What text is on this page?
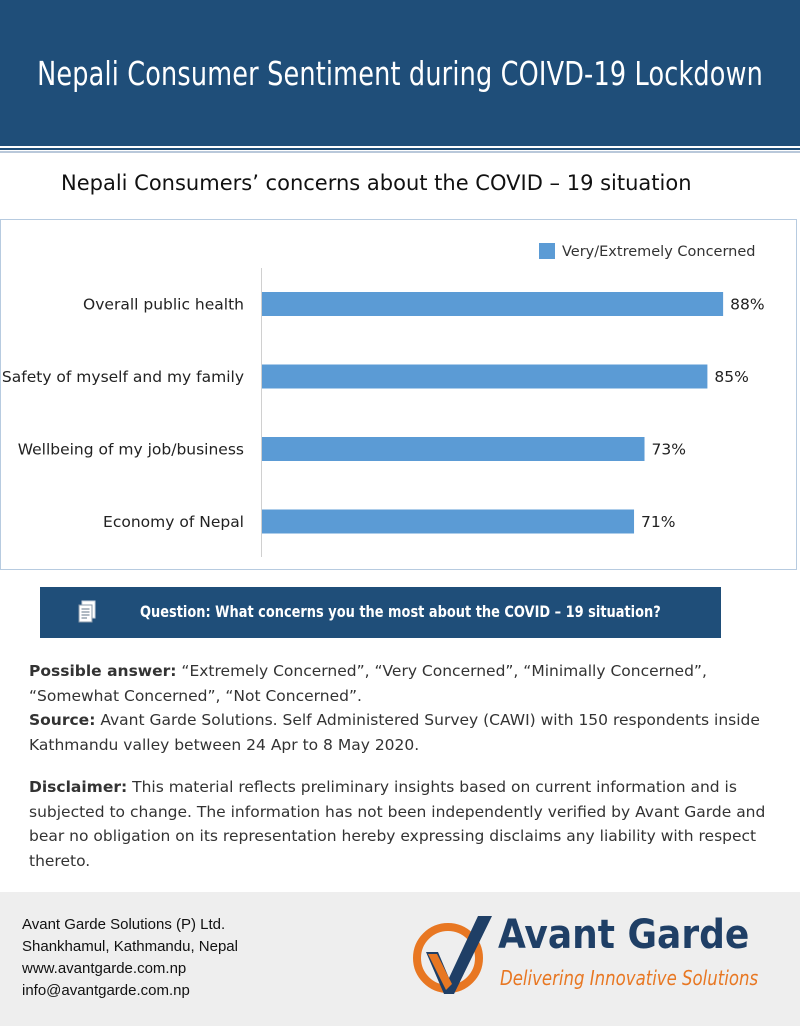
Nepali Consumer Sentiment during COIVD-19 Lockdown
Nepali Consumers’ concerns about the COVID – 19 situation
Very/Extremely Concerned
Overall public health	88%
Safety of myself and my family	85%
Wellbeing of my job/business	73%
Economy of Nepal	71%
Question: What concerns you the most about the COVID – 19 situation?

Possible answer: “Extremely Concerned”, “Very Concerned”, “Minimally Concerned”, “Somewhat Concerned”, “Not Concerned”.

Source: Avant Garde Solutions. Self Administered Survey (CAWI) with 150 respondents inside Kathmandu valley between 24 Apr to 8 May 2020.

Disclaimer: This material reflects preliminary insights based on current information and is subjected to change. The information has not been independently verified by Avant Garde and bear no obligation on its representation hereby expressing disclaims any liability with respect thereto.

Avant Garde Solutions (P) Ltd.
Shankhamul, Kathmandu, Nepal
www.avantgarde.com.np
info@avantgarde.com.np
Avant Garde
Delivering Innovative Solutions
